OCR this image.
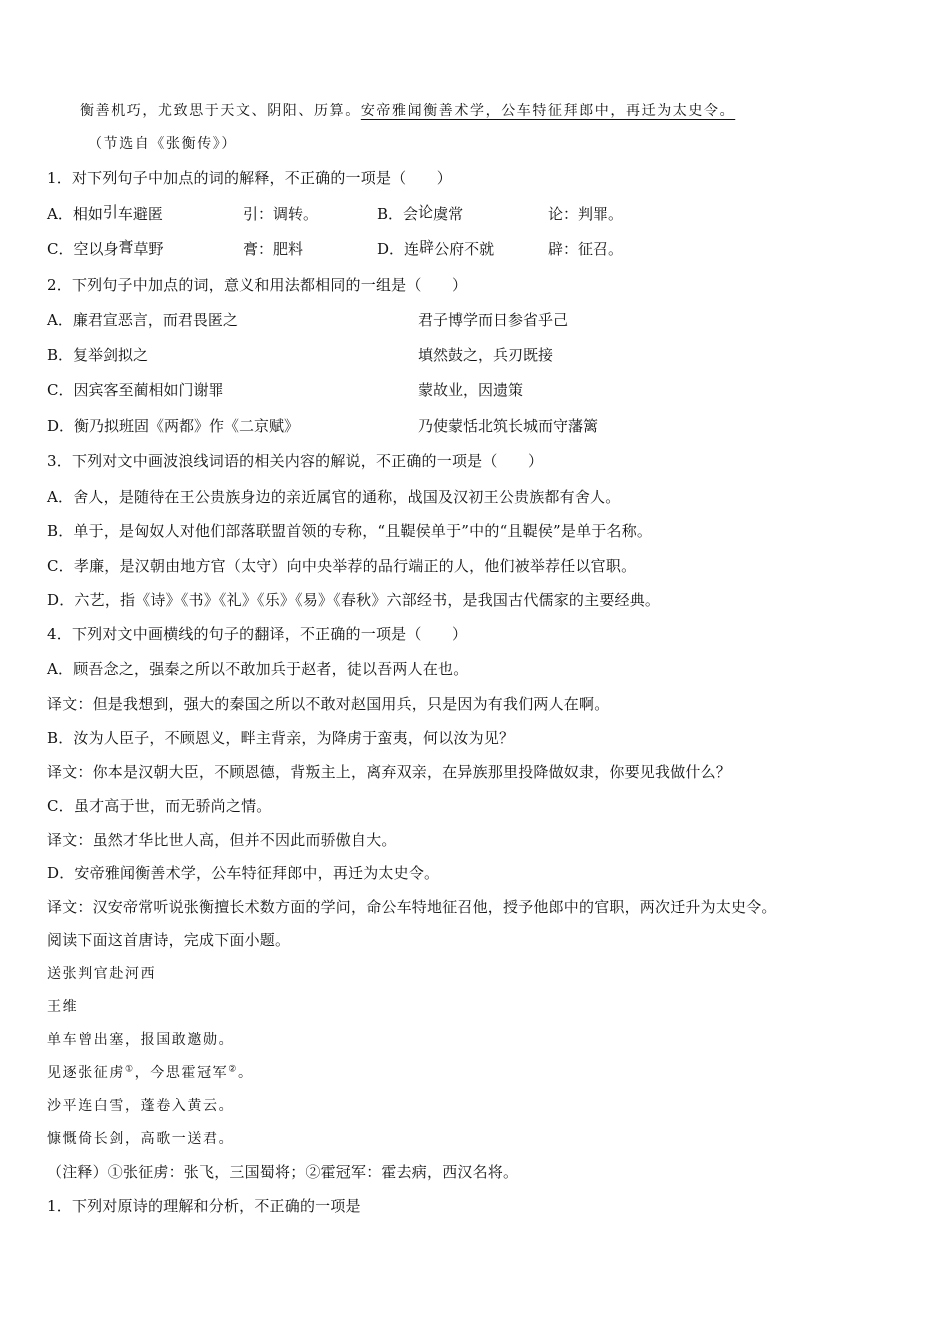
衡善机巧，尤致思于天文、阴阳、历算。安帝雅闻衡善术学，公车特征拜郎中，再迁为太史令。
（节选自《张衡传》）
1．对下列句子中加点的词的解释，不正确的一项是（　　）
A．相如引车避匿	引：调转。	B．会论虞常	论：判罪。
C．空以身膏草野	膏：肥料	D．连辟公府不就	辟：征召。
2．下列句子中加点的词，意义和用法都相同的一组是（　　）
A．廉君宣恶言，而君畏匿之	君子博学而日参省乎己
B．复举剑拟之	填然鼓之，兵刃既接
C．因宾客至蔺相如门谢罪	蒙故业，因遗策
D．衡乃拟班固《两都》作《二京赋》	乃使蒙恬北筑长城而守藩篱
3．下列对文中画波浪线词语的相关内容的解说，不正确的一项是（　　）
A．舍人，是随待在王公贵族身边的亲近属官的通称，战国及汉初王公贵族都有舍人。
B．单于，是匈奴人对他们部落联盟首领的专称，“且鞮侯单于”中的“且鞮侯”是单于名称。
C．孝廉，是汉朝由地方官（太守）向中央举荐的品行端正的人，他们被举荐任以官职。
D．六艺，指《诗》《书》《礼》《乐》《易》《春秋》六部经书，是我国古代儒家的主要经典。
4．下列对文中画横线的句子的翻译，不正确的一项是（　　）
A．顾吾念之，强秦之所以不敢加兵于赵者，徒以吾两人在也。
译文：但是我想到，强大的秦国之所以不敢对赵国用兵，只是因为有我们两人在啊。
B．汝为人臣子，不顾恩义，畔主背亲，为降虏于蛮夷，何以汝为见？
译文：你本是汉朝大臣，不顾恩德，背叛主上，离弃双亲，在异族那里投降做奴隶，你要见我做什么？
C．虽才高于世，而无骄尚之情。
译文：虽然才华比世人高，但并不因此而骄傲自大。
D．安帝雅闻衡善术学，公车特征拜郎中，再迁为太史令。
译文：汉安帝常听说张衡擅长术数方面的学问，命公车特地征召他，授予他郎中的官职，两次迁升为太史令。
阅读下面这首唐诗，完成下面小题。
送张判官赴河西
王维
单车曾出塞，报国敢邀勋。
见逐张征虏①，今思霍冠军②。
沙平连白雪，蓬卷入黄云。
慷慨倚长剑，高歌一送君。
（注释）①张征虏：张飞，三国蜀将；②霍冠军：霍去病，西汉名将。
1．下列对原诗的理解和分析，不正确的一项是
